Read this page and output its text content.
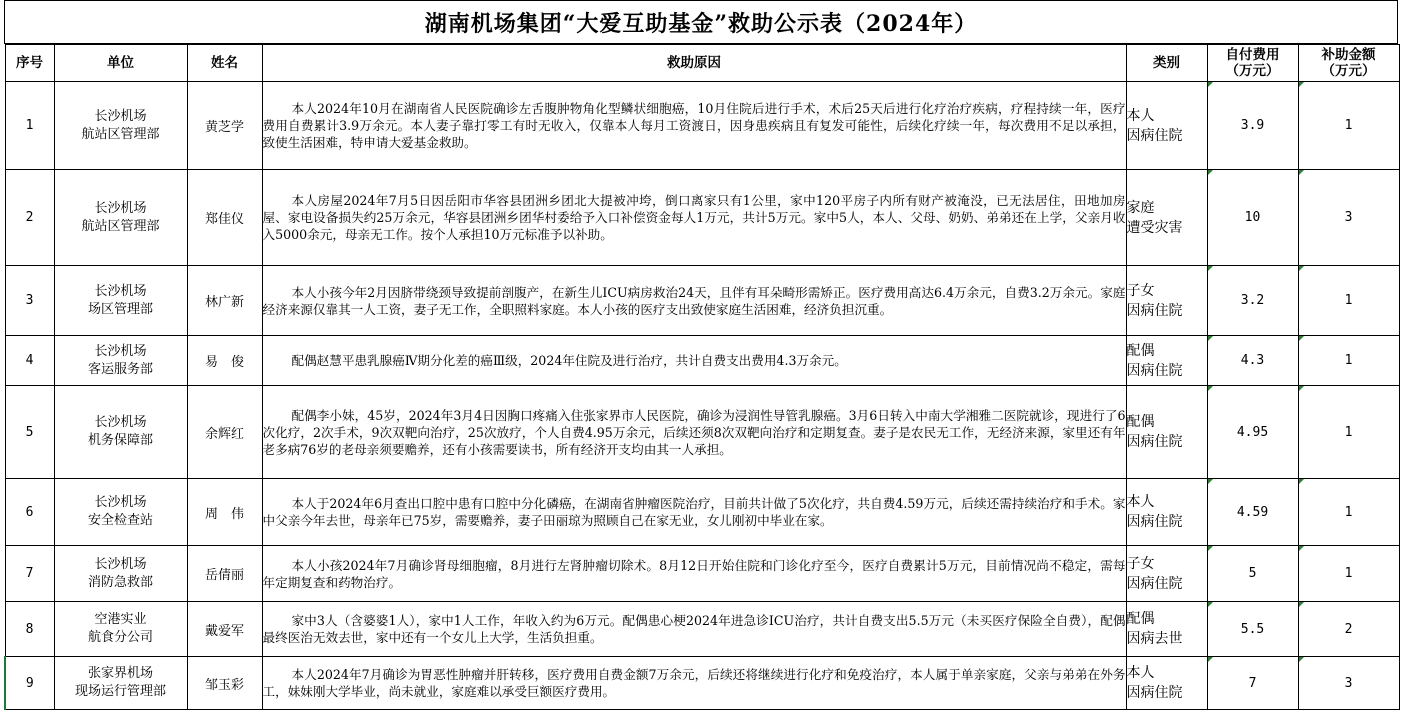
湖南机场集团“大爱互助基金”救助公示表（2024年）
序号	单位	姓名	救助原因	类别	自付费用
（万元）	补助金额
（万元）

1	长沙机场
航站区管理部	黄芝学	本人2024年10月在湖南省人民医院确诊左舌腹肿物角化型鳞状细胞癌，10月住院后进行手术，术后25天后进行化疗治疗疾病，疗程持续一年，医疗费用自费累计3.9万余元。本人妻子靠打零工有时无收入，仅靠本人每月工资渡日，因身患疾病且有复发可能性，后续化疗续一年，每次费用不足以承担，致使生活困难，特申请大爱基金救助。	本人
因病住院	3.9	1
2	长沙机场
航站区管理部	郑佳仪	本人房屋2024年7月5日因岳阳市华容县团洲乡团北大提被冲垮，倒口离家只有1公里，家中120平房子内所有财产被淹没，已无法居住，田地加房屋、家电设备损失约25万余元，华容县团洲乡团华村委给予入口补偿资金每人1万元，共计5万元。家中5人，本人、父母、奶奶、弟弟还在上学，父亲月收入5000余元，母亲无工作。按个人承担10万元标准予以补助。	家庭
遭受灾害	10	3
3	长沙机场
场区管理部	林广新	本人小孩今年2月因脐带绕颈导致提前剖腹产，在新生儿ICU病房救治24天，且伴有耳朵畸形需矫正。医疗费用高达6.4万余元，自费3.2万余元。家庭经济来源仅靠其一人工资，妻子无工作，全职照料家庭。本人小孩的医疗支出致使家庭生活困难，经济负担沉重。	子女
因病住院	3.2	1
4	长沙机场
客运服务部	易　俊	配偶赵慧平患乳腺癌Ⅳ期分化差的癌Ⅲ级，2024年住院及进行治疗，共计自费支出费用4.3万余元。	配偶
因病住院	4.3	1
5	长沙机场
机务保障部	余辉红	配偶李小妹，45岁，2024年3月4日因胸口疼痛入住张家界市人民医院，确诊为浸润性导管乳腺癌。3月6日转入中南大学湘雅二医院就诊，现进行了6次化疗，2次手术，9次双靶向治疗，25次放疗，个人自费4.95万余元，后续还须8次双靶向治疗和定期复查。妻子是农民无工作，无经济来源，家里还有年老多病76岁的老母亲须要赡养，还有小孩需要读书，所有经济开支均由其一人承担。	配偶
因病住院	4.95	1
6	长沙机场
安全检查站	周　伟	本人于2024年6月查出口腔中患有口腔中分化磷癌，在湖南省肿瘤医院治疗，目前共计做了5次化疗，共自费4.59万元，后续还需持续治疗和手术。家中父亲今年去世，母亲年已75岁，需要赡养，妻子田丽琼为照顾自己在家无业，女儿刚初中毕业在家。	本人
因病住院	4.59	1
7	长沙机场
消防急救部	岳倩丽	本人小孩2024年7月确诊肾母细胞瘤，8月进行左肾肿瘤切除术。8月12日开始住院和门诊化疗至今，医疗自费累计5万元，目前情况尚不稳定，需每年定期复查和药物治疗。	子女
因病住院	5	1
8	空港实业
航食分公司	戴爱军	家中3人（含婆婆1人），家中1人工作，年收入约为6万元。配偶患心梗2024年进急诊ICU治疗，共计自费支出5.5万元（未买医疗保险全自费），配偶最终医治无效去世，家中还有一个女儿上大学，生活负担重。	配偶
因病去世	5.5	2
9	张家界机场
现场运行管理部	邹玉彩	本人2024年7月确诊为胃恶性肿瘤并肝转移，医疗费用自费金额7万余元，后续还将继续进行化疗和免疫治疗，本人属于单亲家庭，父亲与弟弟在外务工，妹妹刚大学毕业，尚未就业，家庭难以承受巨额医疗费用。	本人
因病住院	7	3
